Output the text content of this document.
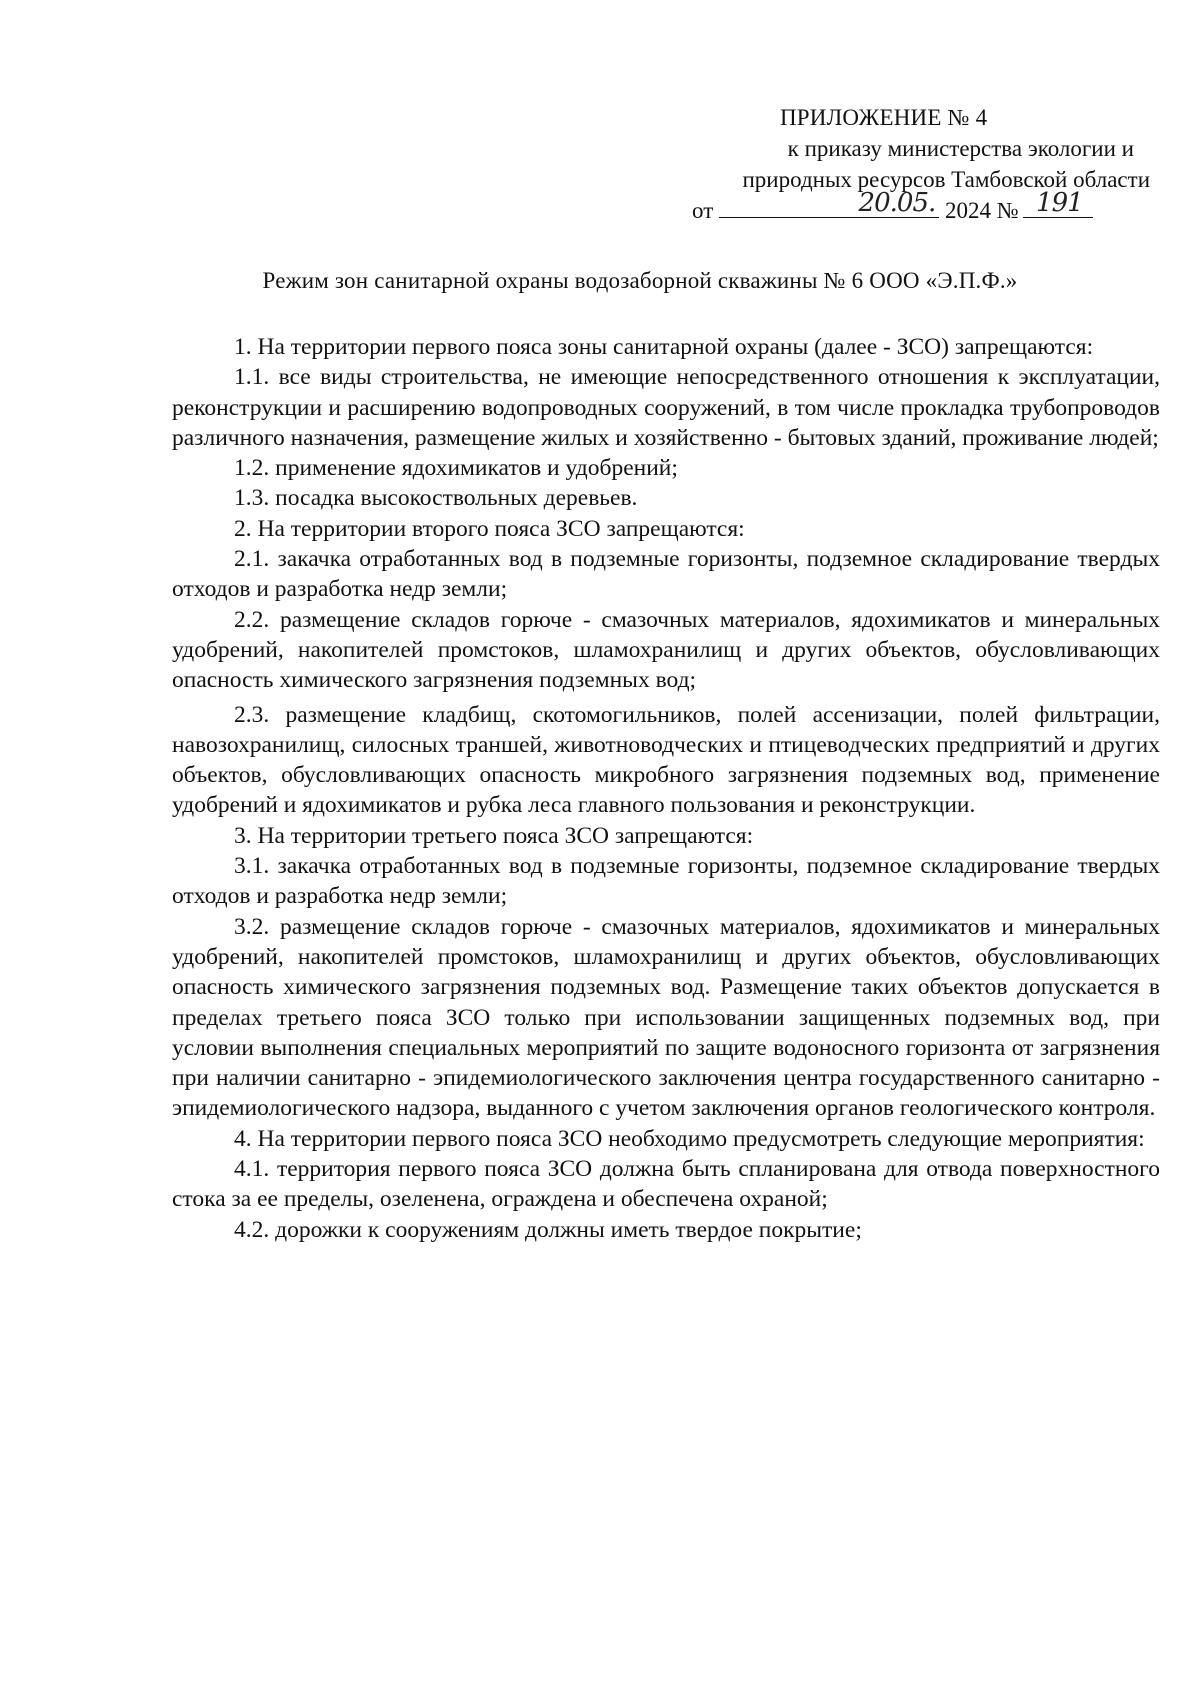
ПРИЛОЖЕНИЕ № 4
к приказу министерства экологии и
природных ресурсов Тамбовской области
от	20.05. 2024 № 191
Режим зон санитарной охраны водозаборной скважины № 6 ООО «Э.П.Ф.»

1. На территории первого пояса зоны санитарной охраны (далее - ЗСО) запрещаются:

1.1. все виды строительства, не имеющие непосредственного отношения к эксплуатации, реконструкции и расширению водопроводных сооружений, в том числе прокладка трубопроводов различного назначения, размещение жилых и хозяйственно - бытовых зданий, проживание людей;

1.2. применение ядохимикатов и удобрений;

1.3. посадка высокоствольных деревьев.

2. На территории второго пояса ЗСО запрещаются:

2.1. закачка отработанных вод в подземные горизонты, подземное складирование твердых отходов и разработка недр земли;

2.2. размещение складов горюче - смазочных материалов, ядохимикатов и минеральных удобрений, накопителей промстоков, шламохранилищ и других объектов, обусловливающих опасность химического загрязнения подземных вод;

2.3. размещение кладбищ, скотомогильников, полей ассенизации, полей фильтрации, навозохранилищ, силосных траншей, животноводческих и птицеводческих предприятий и других объектов, обусловливающих опасность микробного загрязнения подземных вод, применение удобрений и ядохимикатов и рубка леса главного пользования и реконструкции.

3. На территории третьего пояса ЗСО запрещаются:

3.1. закачка отработанных вод в подземные горизонты, подземное складирование твердых отходов и разработка недр земли;

3.2. размещение складов горюче - смазочных материалов, ядохимикатов и минеральных удобрений, накопителей промстоков, шламохранилищ и других объектов, обусловливающих опасность химического загрязнения подземных вод. Размещение таких объектов допускается в пределах третьего пояса ЗСО только при использовании защищенных подземных вод, при условии выполнения специальных мероприятий по защите водоносного горизонта от загрязнения при наличии санитарно - эпидемиологического заключения центра государственного санитарно - эпидемиологического надзора, выданного с учетом заключения органов геологического контроля.

4. На территории первого пояса ЗСО необходимо предусмотреть следующие мероприятия:

4.1. территория первого пояса ЗСО должна быть спланирована для отвода поверхностного стока за ее пределы, озеленена, ограждена и обеспечена охраной;

4.2. дорожки к сооружениям должны иметь твердое покрытие;
